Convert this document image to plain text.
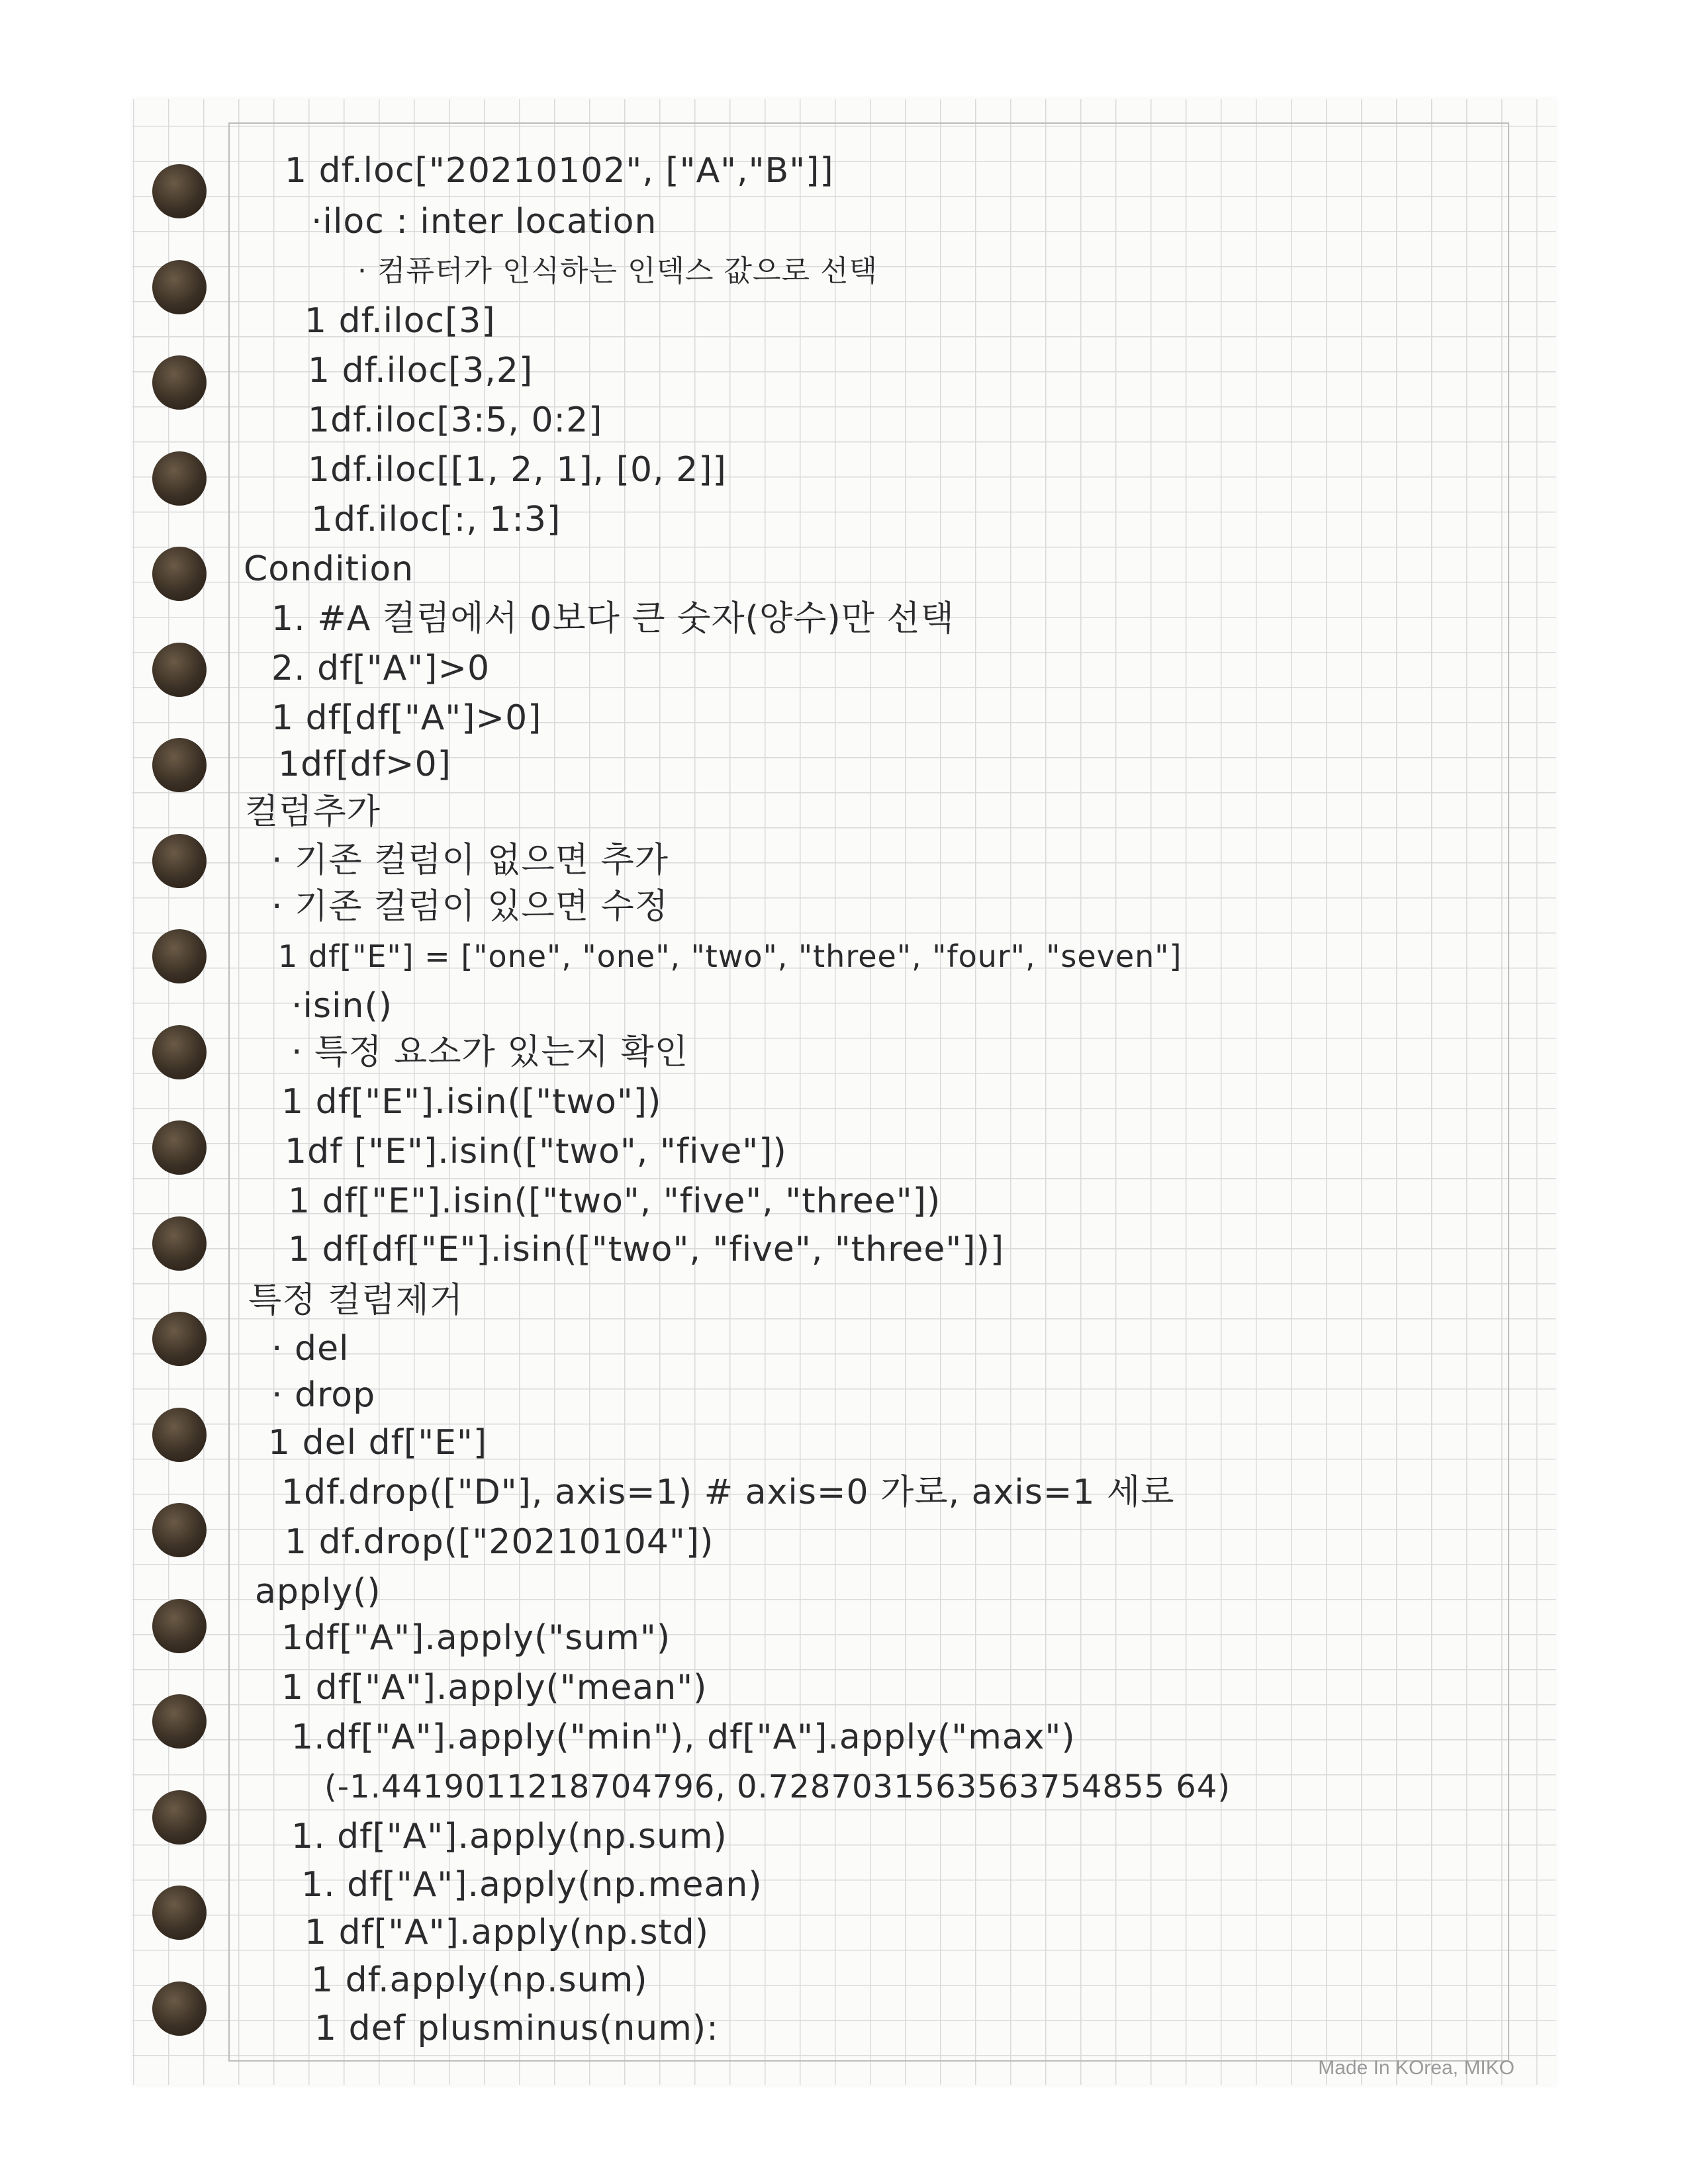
1 df.loc["20210102", ["A","B"]]
·iloc : inter location
· 컴퓨터가 인식하는 인덱스 값으로 선택
1 df.iloc[3]
1 df.iloc[3,2]
1df.iloc[3:5, 0:2]
1df.iloc[[1, 2, 1], [0, 2]]
1df.iloc[:, 1:3]
Condition
1. #A 컬럼에서 0보다 큰 숫자(양수)만 선택
2. df["A"]>0
1 df[df["A"]>0]
1df[df>0]
컬럼추가
· 기존 컬럼이 없으면 추가
· 기존 컬럼이 있으면 수정
1 df["E"] = ["one", "one", "two", "three", "four", "seven"]
·isin()
· 특정 요소가 있는지 확인
1 df["E"].isin(["two"])
1df ["E"].isin(["two", "five"])
1 df["E"].isin(["two", "five", "three"])
1 df[df["E"].isin(["two", "five", "three"])]
특정 컬럼제거
· del
· drop
1 del df["E"]
1df.drop(["D"], axis=1) # axis=0 가로, axis=1 세로
1 df.drop(["20210104"])
apply()
1df["A"].apply("sum")
1 df["A"].apply("mean")
1.df["A"].apply("min"), df["A"].apply("max")
(-1.4419011218704796, 0.7287031563563754855 64)
1. df["A"].apply(np.sum)
1. df["A"].apply(np.mean)
1 df["A"].apply(np.std)
1 df.apply(np.sum)
1 def plusminus(num):
Made In KOrea, MIKO
